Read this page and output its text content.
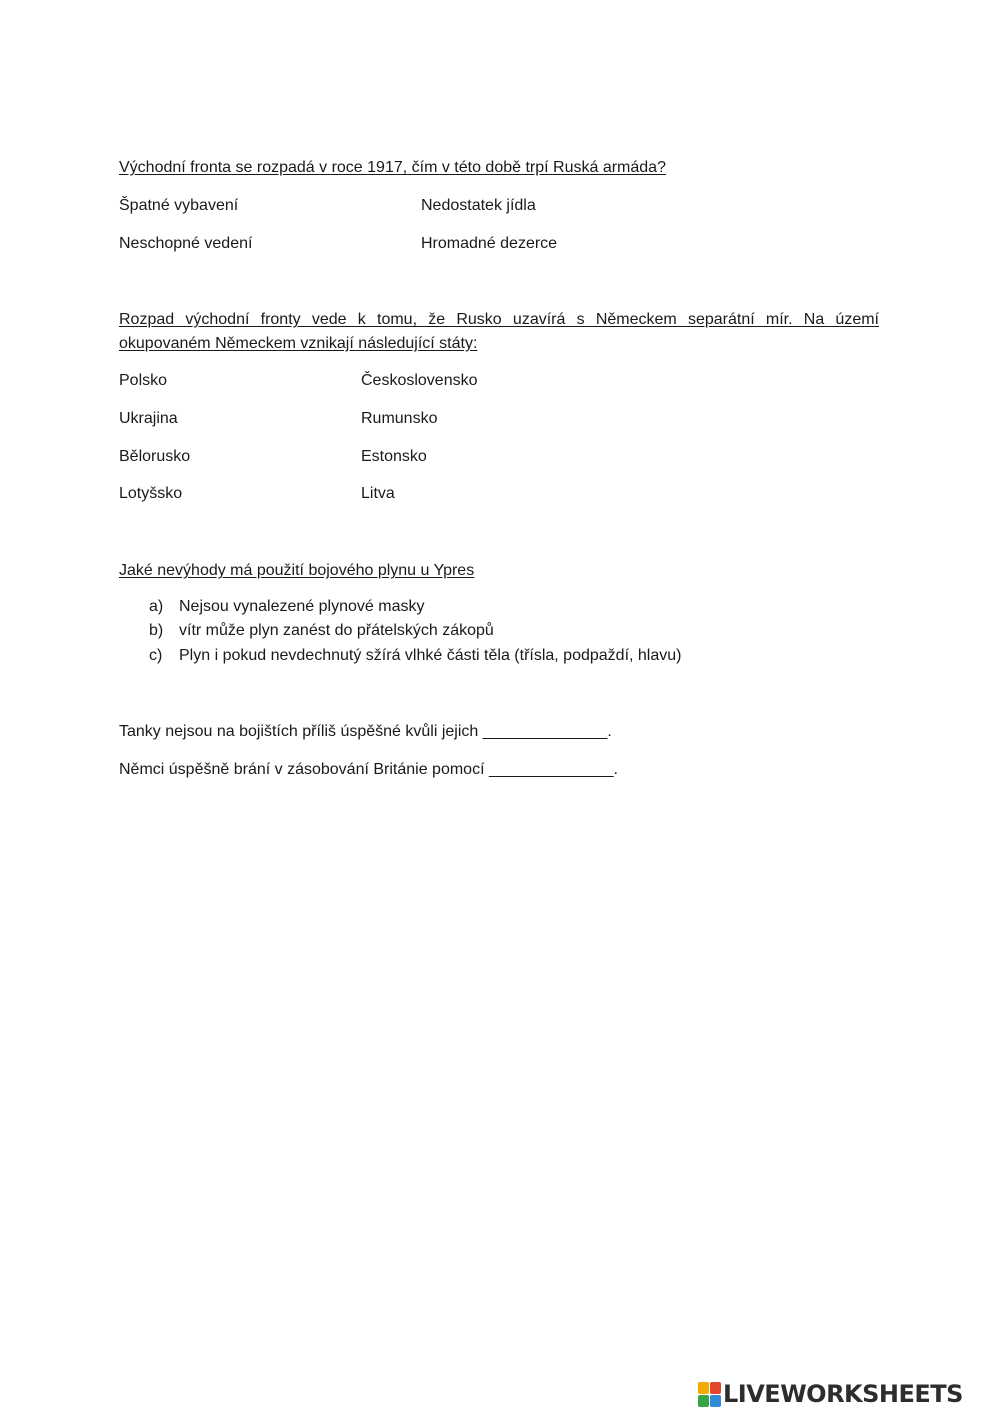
Východní fronta se rozpadá v roce 1917, čím v této době trpí Ruská armáda?
Špatné vybavení	Nedostatek jídla
Neschopné vedení	Hromadné dezerce
Rozpad východní fronty vede k tomu, že Rusko uzavírá s Německem separátní mír. Na území okupovaném Německem vznikají následující státy:
Polsko	Československo
Ukrajina	Rumunsko
Bělorusko	Estonsko
Lotyšsko	Litva
Jaké nevýhody má použití bojového plynu u Ypres
a) Nejsou vynalezené plynové masky
b) vítr může plyn zanést do přátelských zákopů
c) Plyn i pokud nevdechnutý sžírá vlhké části těla (třísla, podpaždí, hlavu)
Tanky nejsou na bojištích příliš úspěšné kvůli jejich ______________.
Němci úspěšně brání v zásobování Británie pomocí ______________.
LIVEWORKSHEETS
